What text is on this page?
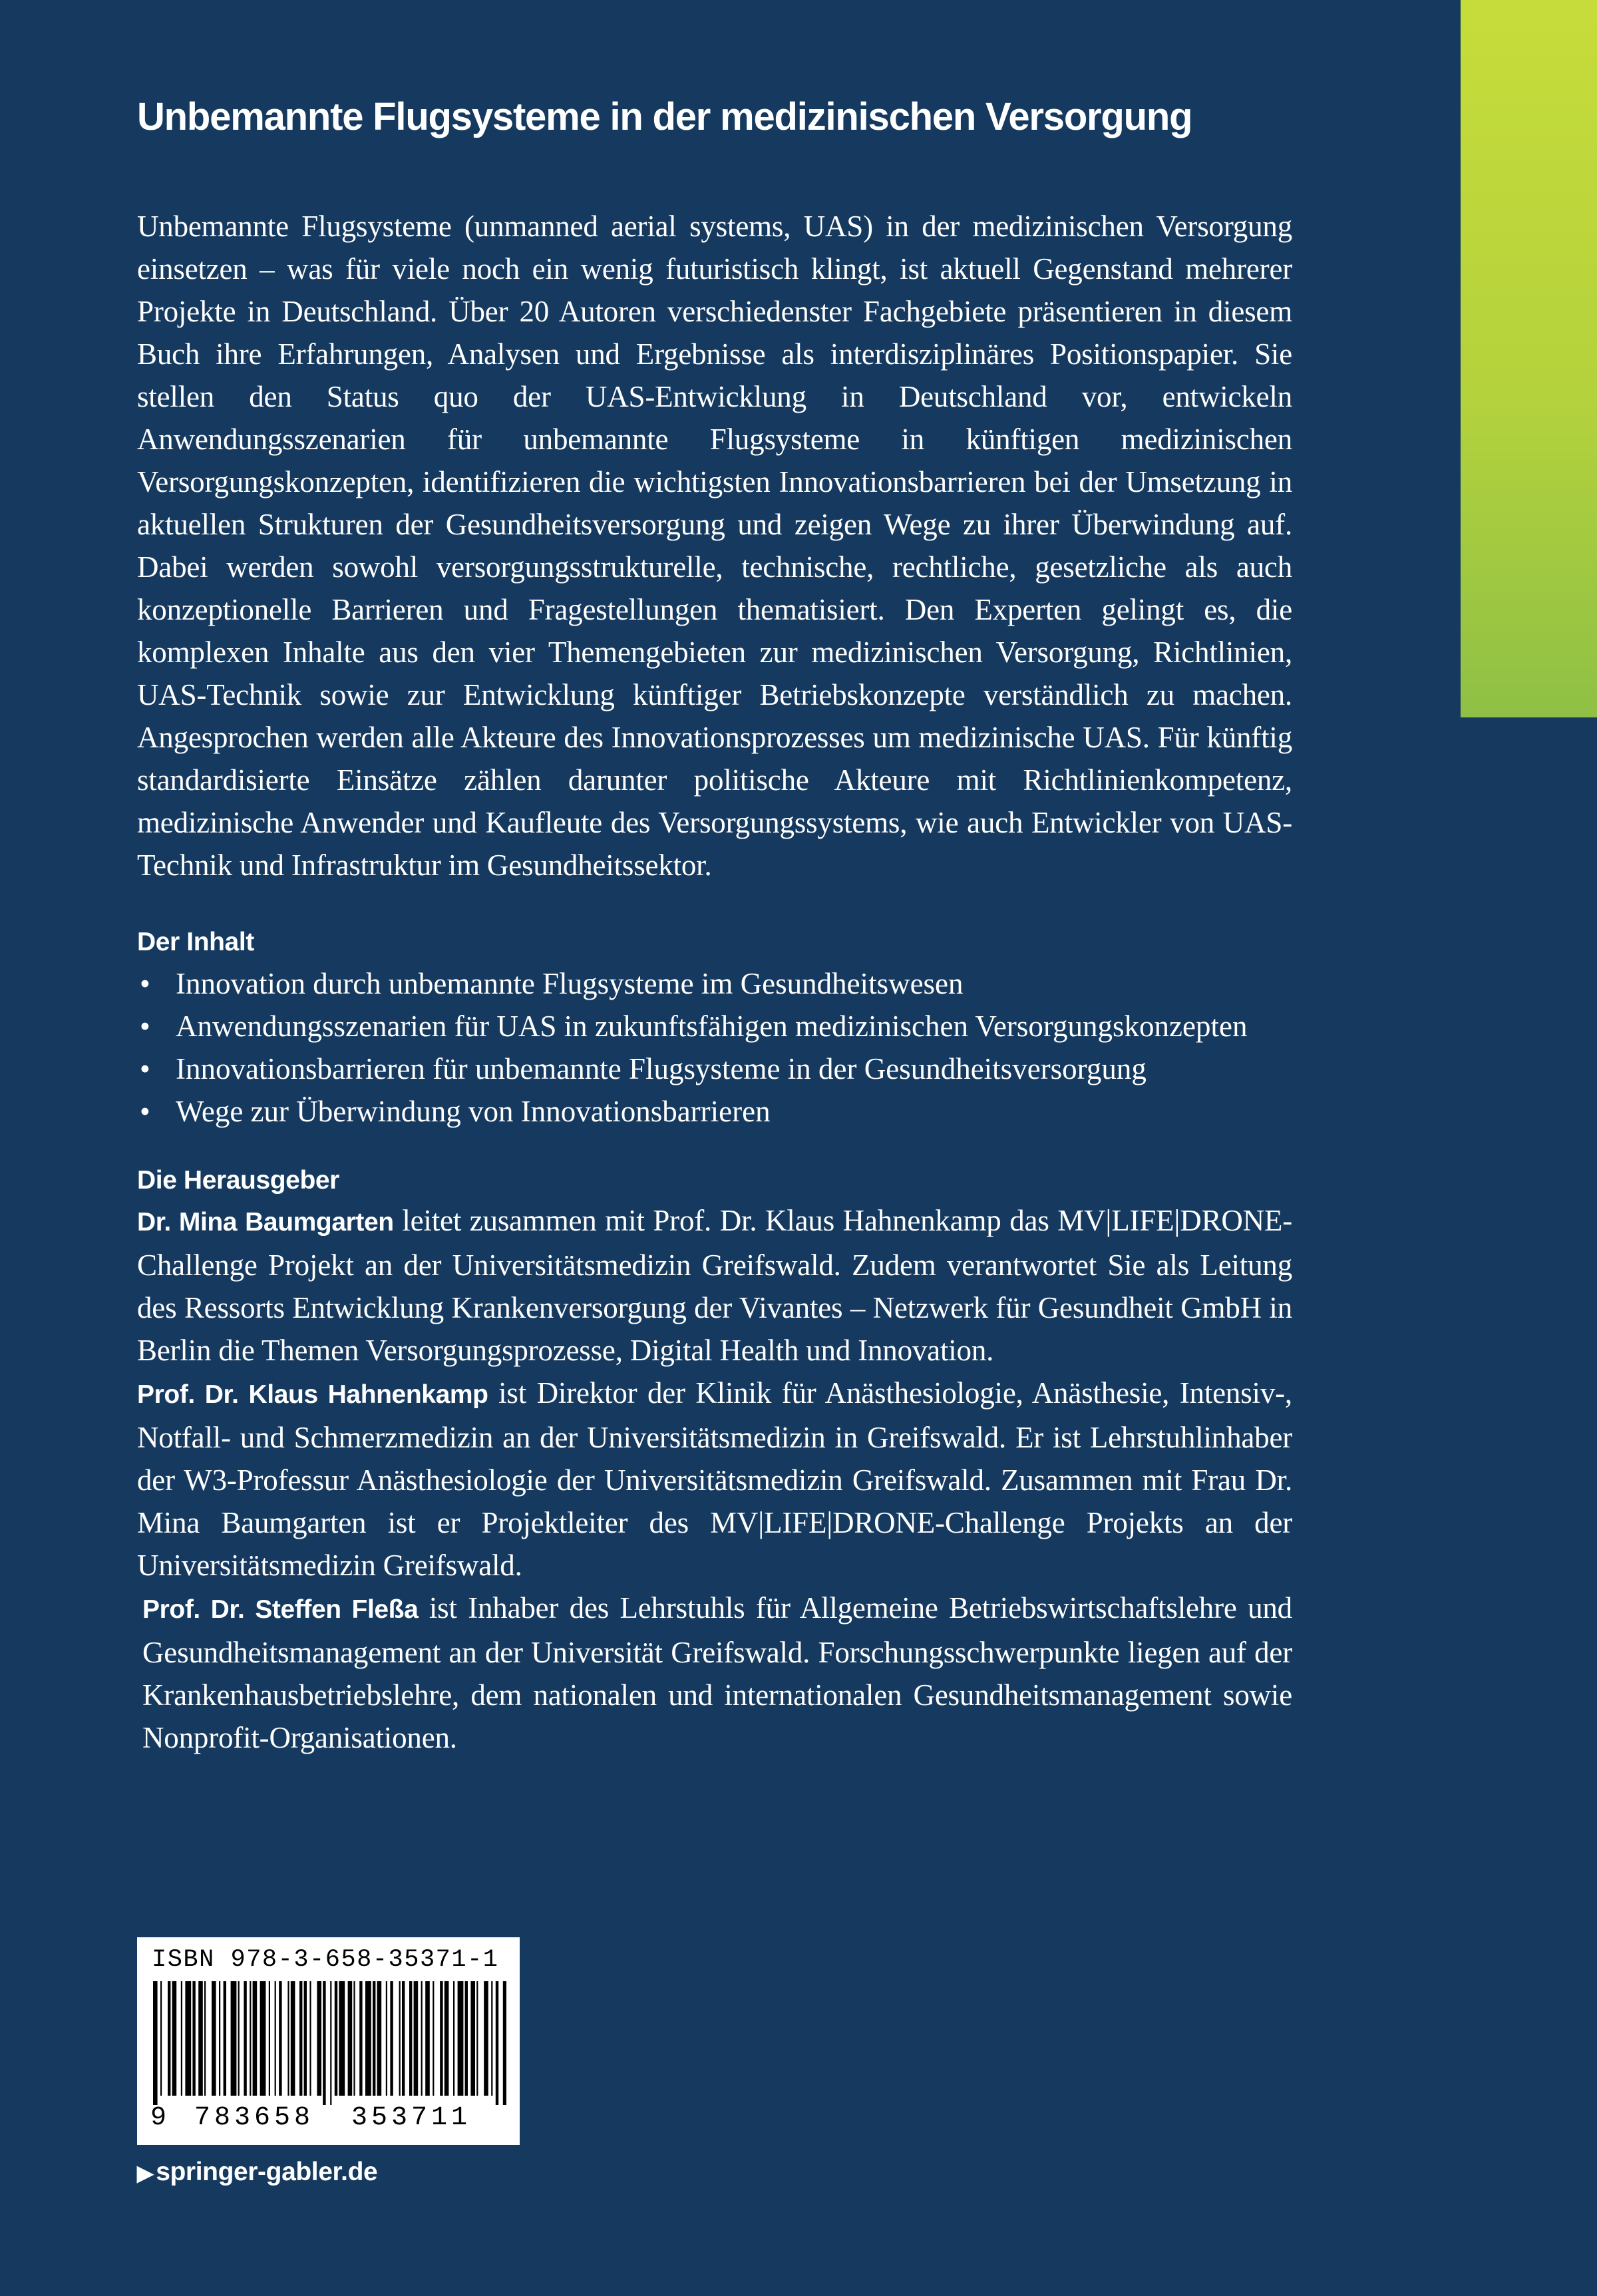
Unbemannte Flugsysteme in der medizinischen Versorgung

Unbemannte Flugsysteme (unmanned aerial systems, UAS) in der medizinischen Versorgung einsetzen – was für viele noch ein wenig futuristisch klingt, ist aktuell Gegenstand mehrerer Projekte in Deutschland. Über 20 Autoren verschiedenster Fachgebiete präsentieren in diesem Buch ihre Erfahrungen, Analysen und Ergebnisse als interdisziplinäres Positionspapier. Sie stellen den Status quo der UAS-Entwicklung in Deutschland vor, entwickeln Anwendungsszenarien für unbemannte Flugsysteme in künftigen medizinischen Versorgungskonzepten, identifizieren die wichtigsten Innovationsbarrieren bei der Umsetzung in aktuellen Strukturen der Gesundheitsversorgung und zeigen Wege zu ihrer Überwindung auf. Dabei werden sowohl versorgungsstrukturelle, technische, rechtliche, gesetzliche als auch konzeptionelle Barrieren und Fragestellungen thematisiert. Den Experten gelingt es, die komplexen Inhalte aus den vier Themengebieten zur medizinischen Versorgung, Richtlinien, UAS-Technik sowie zur Entwicklung künftiger Betriebskonzepte verständlich zu machen. Angesprochen werden alle Akteure des Innovationsprozesses um medizinische UAS. Für künftig standardisierte Einsätze zählen darunter politische Akteure mit Richtlinienkompetenz, medizinische Anwender und Kaufleute des Versorgungssystems, wie auch Entwickler von UAS-Technik und Infrastruktur im Gesundheitssektor.

Der Inhalt
• Innovation durch unbemannte Flugsysteme im Gesundheitswesen
• Anwendungsszenarien für UAS in zukunftsfähigen medizinischen Versorgungskonzepten
• Innovationsbarrieren für unbemannte Flugsysteme in der Gesundheitsversorgung
• Wege zur Überwindung von Innovationsbarrieren
Die Herausgeber

Dr. Mina Baumgarten leitet zusammen mit Prof. Dr. Klaus Hahnenkamp das MV|LIFE|DRONE-Challenge Projekt an der Universitätsmedizin Greifswald. Zudem verantwortet Sie als Leitung des Ressorts Entwicklung Krankenversorgung der Vivantes – Netzwerk für Gesundheit GmbH in Berlin die Themen Versorgungsprozesse, Digital Health und Innovation.

Prof. Dr. Klaus Hahnenkamp ist Direktor der Klinik für Anästhesiologie, Anästhesie, Intensiv-, Notfall- und Schmerzmedizin an der Universitätsmedizin in Greifswald. Er ist Lehrstuhlinhaber der W3-Professur Anästhesiologie der Universitätsmedizin Greifswald. Zusammen mit Frau Dr. Mina Baumgarten ist er Projektleiter des MV|LIFE|DRONE-Challenge Projekts an der Universitätsmedizin Greifswald.

Prof. Dr. Steffen Fleßa ist Inhaber des Lehrstuhls für Allgemeine Betriebswirtschaftslehre und Gesundheitsmanagement an der Universität Greifswald. Forschungsschwerpunkte liegen auf der Krankenhausbetriebslehre, dem nationalen und internationalen Gesundheitsmanagement sowie Nonprofit-Organisationen.

ISBN 978-3-658-35371-1
9 783658 353711
▶ springer-gabler.de
